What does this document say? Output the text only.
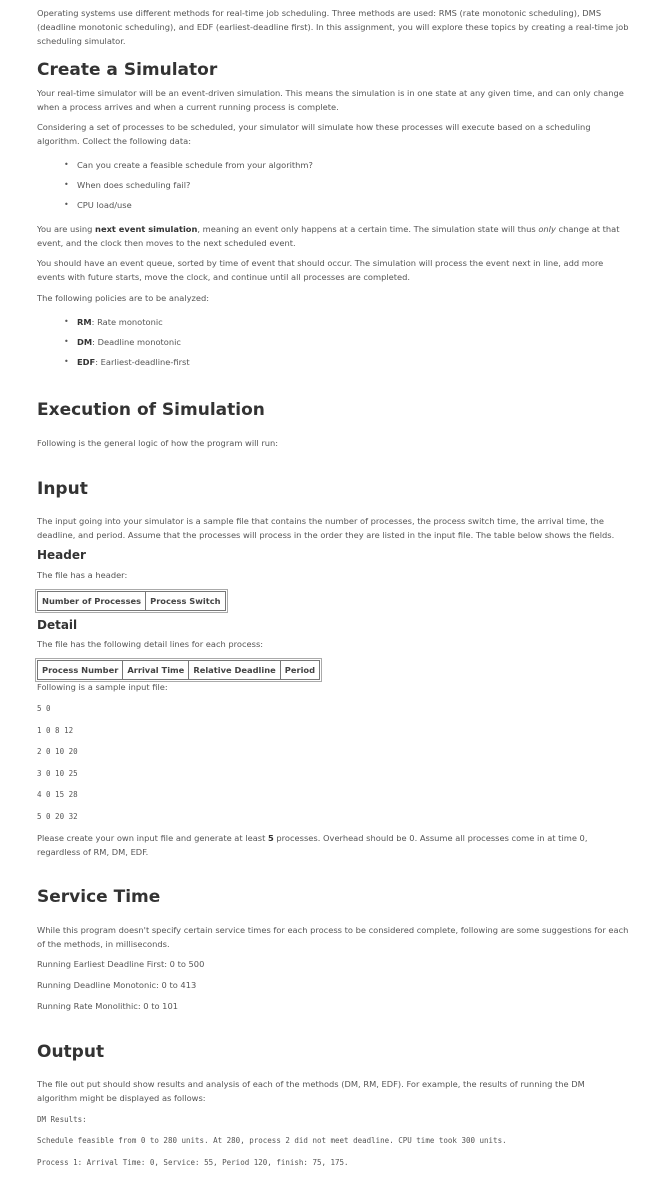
Operating systems use different methods for real-time job scheduling. Three methods are used: RMS (rate monotonic scheduling), DMS (deadline monotonic scheduling), and EDF (earliest-deadline first). In this assignment, you will explore these topics by creating a real-time job scheduling simulator.

Create a Simulator

Your real-time simulator will be an event-driven simulation. This means the simulation is in one state at any given time, and can only change when a process arrives and when a current running process is complete.

Considering a set of processes to be scheduled, your simulator will simulate how these processes will execute based on a scheduling algorithm. Collect the following data:

• Can you create a feasible schedule from your algorithm?
• When does scheduling fail?
• CPU load/use

You are using next event simulation, meaning an event only happens at a certain time. The simulation state will thus only change at that event, and the clock then moves to the next scheduled event.

You should have an event queue, sorted by time of event that should occur. The simulation will process the event next in line, add more events with future starts, move the clock, and continue until all processes are completed.

The following policies are to be analyzed:

• RM: Rate monotonic
• DM: Deadline monotonic
• EDF: Earliest-deadline-first
Execution of Simulation

Following is the general logic of how the program will run:

Input

The input going into your simulator is a sample file that contains the number of processes, the process switch time, the arrival time, the deadline, and period. Assume that the processes will process in the order they are listed in the input file. The table below shows the fields.

Header

The file has a header:

Number of Processes	Process Switch
Detail

The file has the following detail lines for each process:

Process Number	Arrival Time	Relative Deadline	Period

Following is a sample input file:

5 0
1 0 8 12
2 0 10 20
3 0 10 25
4 0 15 28
5 0 20 32

Please create your own input file and generate at least 5 processes. Overhead should be 0. Assume all processes come in at time 0, regardless of RM, DM, EDF.

Service Time

While this program doesn't specify certain service times for each process to be considered complete, following are some suggestions for each of the methods, in milliseconds.

Running Earliest Deadline First: 0 to 500

Running Deadline Monotonic: 0 to 413

Running Rate Monolithic: 0 to 101

Output

The file out put should show results and analysis of each of the methods (DM, RM, EDF). For example, the results of running the DM algorithm might be displayed as follows:

DM Results:
Schedule feasible from 0 to 280 units. At 280, process 2 did not meet deadline. CPU time took 300 units.
Process 1: Arrival Time: 0, Service: 55, Period 120, finish: 75, 175.
